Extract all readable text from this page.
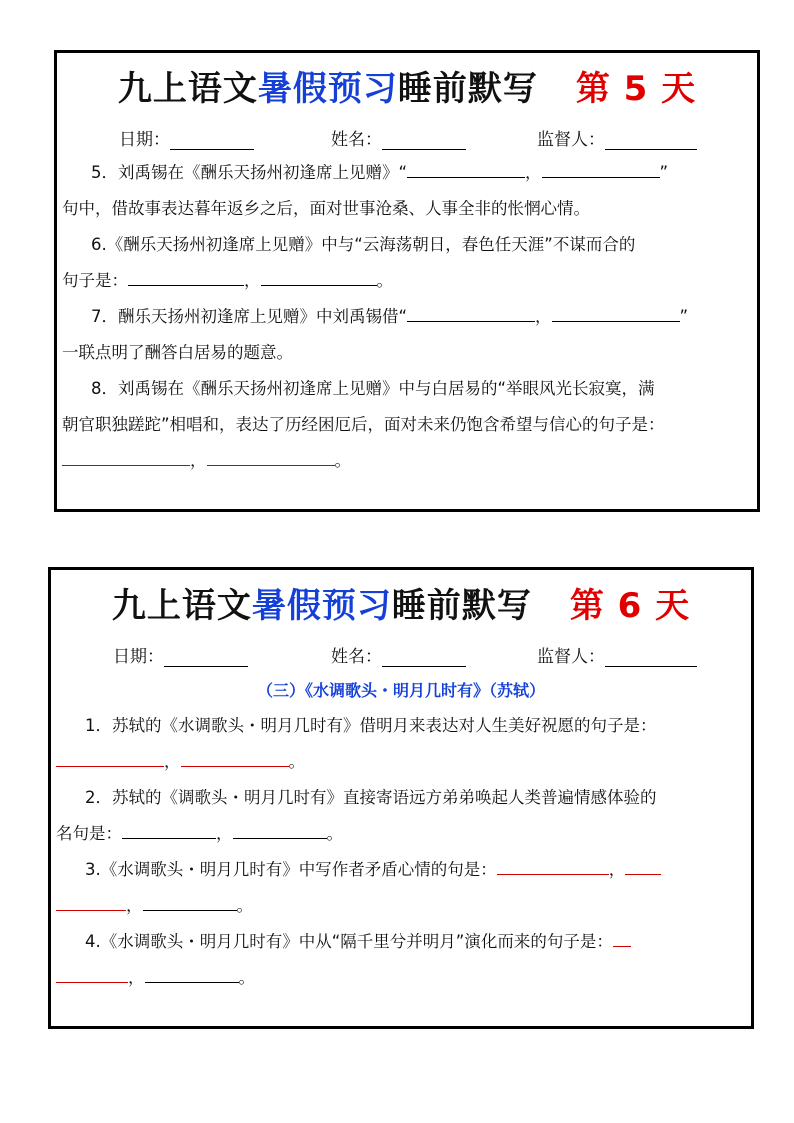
九上语文暑假预习睡前默写 第 5 天
日期：	姓名：	监督人：

5．刘禹锡在《酬乐天扬州初逢席上见赠》“	，	”

句中，借故事表达暮年返乡之后，面对世事沧桑、人事全非的怅惘心情。

6.《酬乐天扬州初逢席上见赠》中与“云海荡朝日，春色任天涯”不谋而合的

句子是：	，	。

7．酬乐天扬州初逢席上见赠》中刘禹锡借“	，	”

一联点明了酬答白居易的题意。

8．刘禹锡在《酬乐天扬州初逢席上见赠》中与白居易的“举眼风光长寂寞，满

朝官职独蹉跎”相唱和，表达了历经困厄后，面对未来仍饱含希望与信心的句子是：

，	。

九上语文暑假预习睡前默写 第 6 天
日期：	姓名：	监督人：
（三）《水调歌头・明月几时有》（苏轼）

1．苏轼的《水调歌头・明月几时有》借明月来表达对人生美好祝愿的句子是：

，	。

2．苏轼的《调歌头・明月几时有》直接寄语远方弟弟唤起人类普遍情感体验的

名句是：	，	。

3.《水调歌头・明月几时有》中写作者矛盾心情的句是：	，

，	。

4.《水调歌头・明月几时有》中从“隔千里兮并明月”演化而来的句子是：

，	。
